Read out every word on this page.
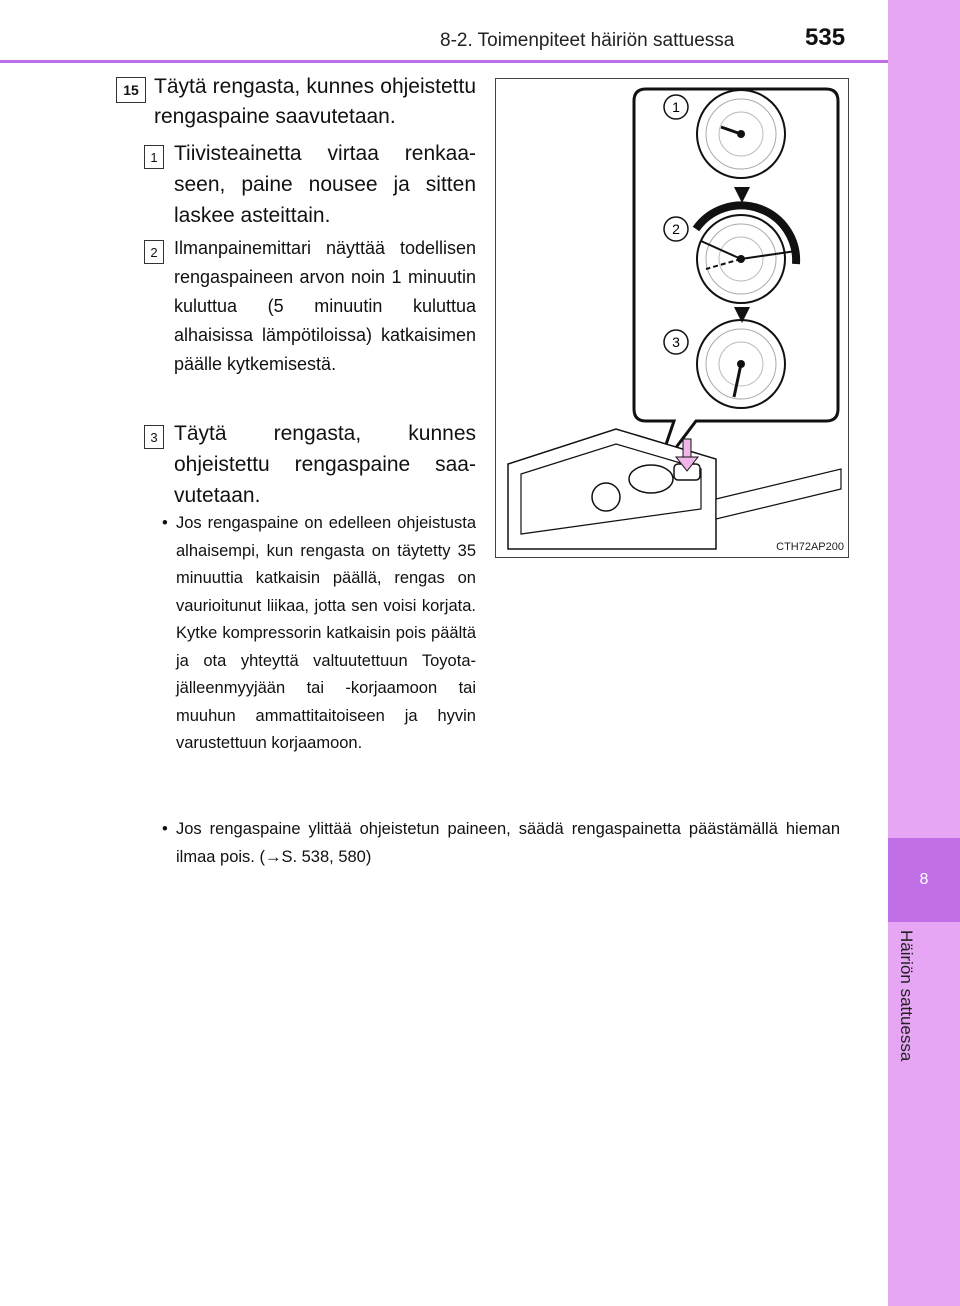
8
Häiriön sattuessa
8-2. Toimenpiteet häiriön sattuessa	535
15 Täytä rengasta, kunnes ohjeistettu rengaspaine saavutetaan.

1 Tiivisteainetta virtaa renkaaseen, paine nousee ja sitten laskee asteittain.

2 Ilmanpainemittari näyttää todellisen rengaspaineen arvon noin 1 minuutin kuluttua (5 minuutin kuluttua alhaisissa lämpötiloissa) katkaisimen päälle kytkemisestä.

3 Täytä rengasta, kunnes ohjeistettu rengaspaine saavutetaan.

• Jos rengaspaine on edelleen ohjeistusta alhaisempi, kun rengasta on täytetty 35 minuuttia katkaisin päällä, rengas on vaurioitunut liikaa, jotta sen voisi korjata. Kytke kompressorin katkaisin pois päältä ja ota yhteyttä valtuutettuun Toyota-jälleenmyyjään tai -korjaamoon tai muuhun ammattitaitoiseen ja hyvin varustettuun korjaamoon.
• Jos rengaspaine ylittää ohjeistetun paineen, säädä rengaspainetta päästämällä hieman ilmaa pois. (→S. 538, 580)
1
2
3
CTH72AP200
